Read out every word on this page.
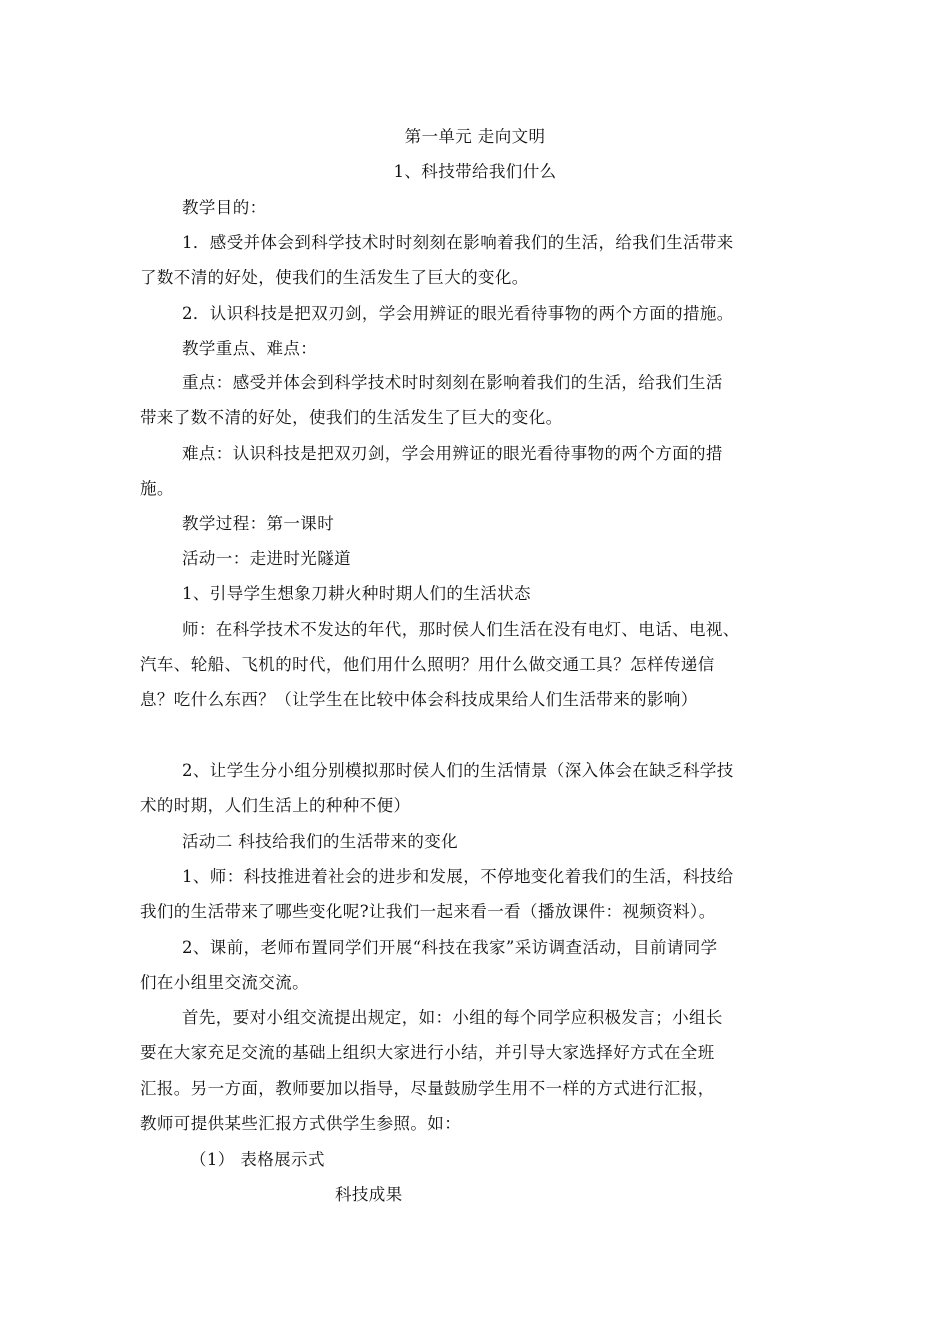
第一单元 走向文明
1、科技带给我们什么
教学目的：
1．感受并体会到科学技术时时刻刻在影响着我们的生活，给我们生活带来
了数不清的好处，使我们的生活发生了巨大的变化。
2．认识科技是把双刃剑，学会用辨证的眼光看待事物的两个方面的措施。
教学重点、难点：
重点：感受并体会到科学技术时时刻刻在影响着我们的生活，给我们生活
带来了数不清的好处，使我们的生活发生了巨大的变化。
难点：认识科技是把双刃剑，学会用辨证的眼光看待事物的两个方面的措
施。
教学过程：第一课时
活动一：走进时光隧道
1、引导学生想象刀耕火种时期人们的生活状态
师：在科学技术不发达的年代，那时侯人们生活在没有电灯、电话、电视、
汽车、轮船、飞机的时代，他们用什么照明？用什么做交通工具？怎样传递信
息？吃什么东西？（让学生在比较中体会科技成果给人们生活带来的影响）
2、让学生分小组分别模拟那时侯人们的生活情景（深入体会在缺乏科学技
术的时期，人们生活上的种种不便）
活动二 科技给我们的生活带来的变化
1、师：科技推进着社会的进步和发展，不停地变化着我们的生活，科技给
我们的生活带来了哪些变化呢?让我们一起来看一看（播放课件：视频资料）。
2、课前，老师布置同学们开展“科技在我家”采访调查活动，目前请同学
们在小组里交流交流。
首先，要对小组交流提出规定，如：小组的每个同学应积极发言；小组长
要在大家充足交流的基础上组织大家进行小结，并引导大家选择好方式在全班
汇报。另一方面，教师要加以指导，尽量鼓励学生用不一样的方式进行汇报，
教师可提供某些汇报方式供学生参照。如：
（1） 表格展示式
科技成果
